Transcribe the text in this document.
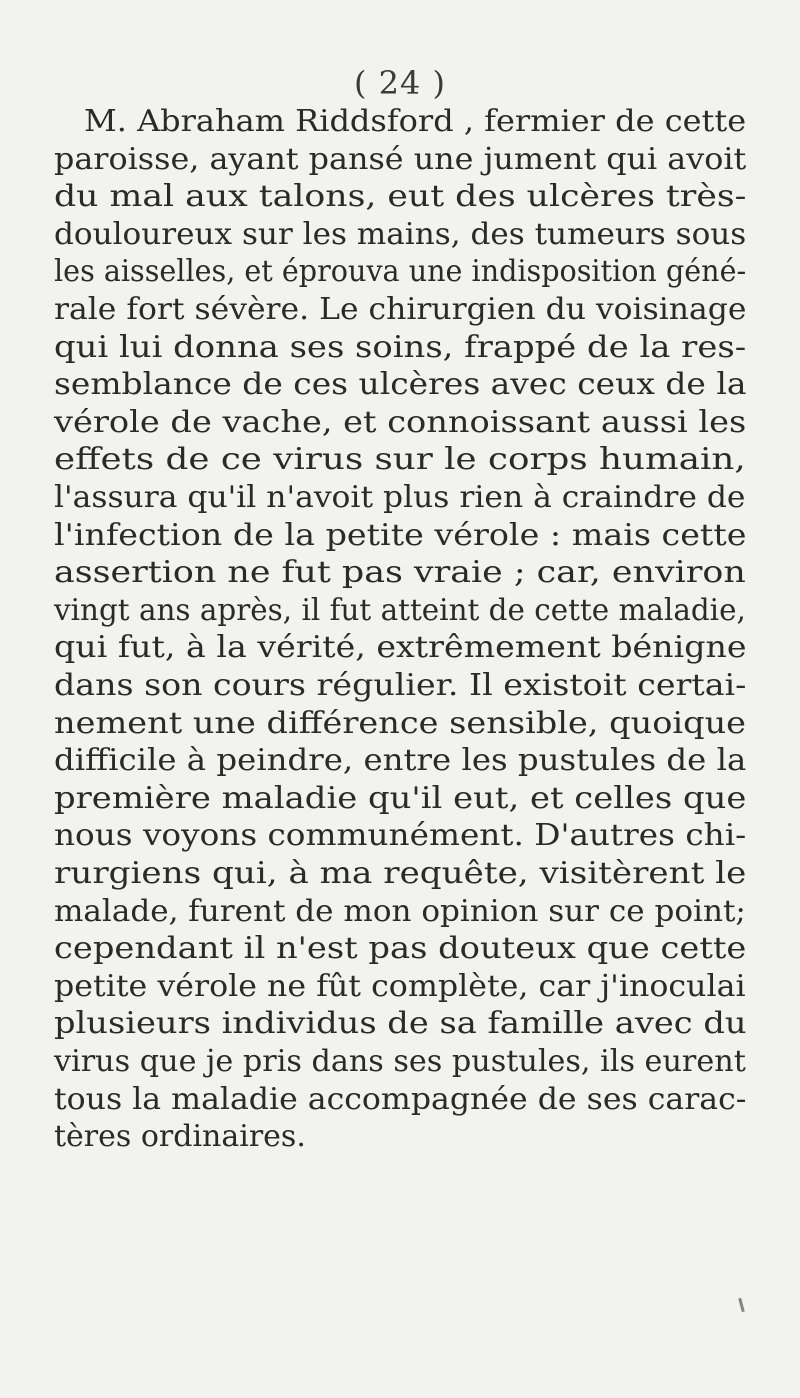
( 24 )
M. Abraham Riddsford , fermier de cette
paroisse, ayant pansé une jument qui avoit
du mal aux talons, eut des ulcères très-
douloureux sur les mains, des tumeurs sous
les aisselles, et éprouva une indisposition géné-
rale fort sévère. Le chirurgien du voisinage
qui lui donna ses soins, frappé de la res-
semblance de ces ulcères avec ceux de la
vérole de vache, et connoissant aussi les
effets de ce virus sur le corps humain,
l'assura qu'il n'avoit plus rien à craindre de
l'infection de la petite vérole : mais cette
assertion ne fut pas vraie ; car, environ
vingt ans après, il fut atteint de cette maladie,
qui fut, à la vérité, extrêmement bénigne
dans son cours régulier. Il existoit certai-
nement une différence sensible, quoique
difficile à peindre, entre les pustules de la
première maladie qu'il eut, et celles que
nous voyons communément. D'autres chi-
rurgiens qui, à ma requête, visitèrent le
malade, furent de mon opinion sur ce point;
cependant il n'est pas douteux que cette
petite vérole ne fût complète, car j'inoculai
plusieurs individus de sa famille avec du
virus que je pris dans ses pustules, ils eurent
tous la maladie accompagnée de ses carac-
tères ordinaires.
